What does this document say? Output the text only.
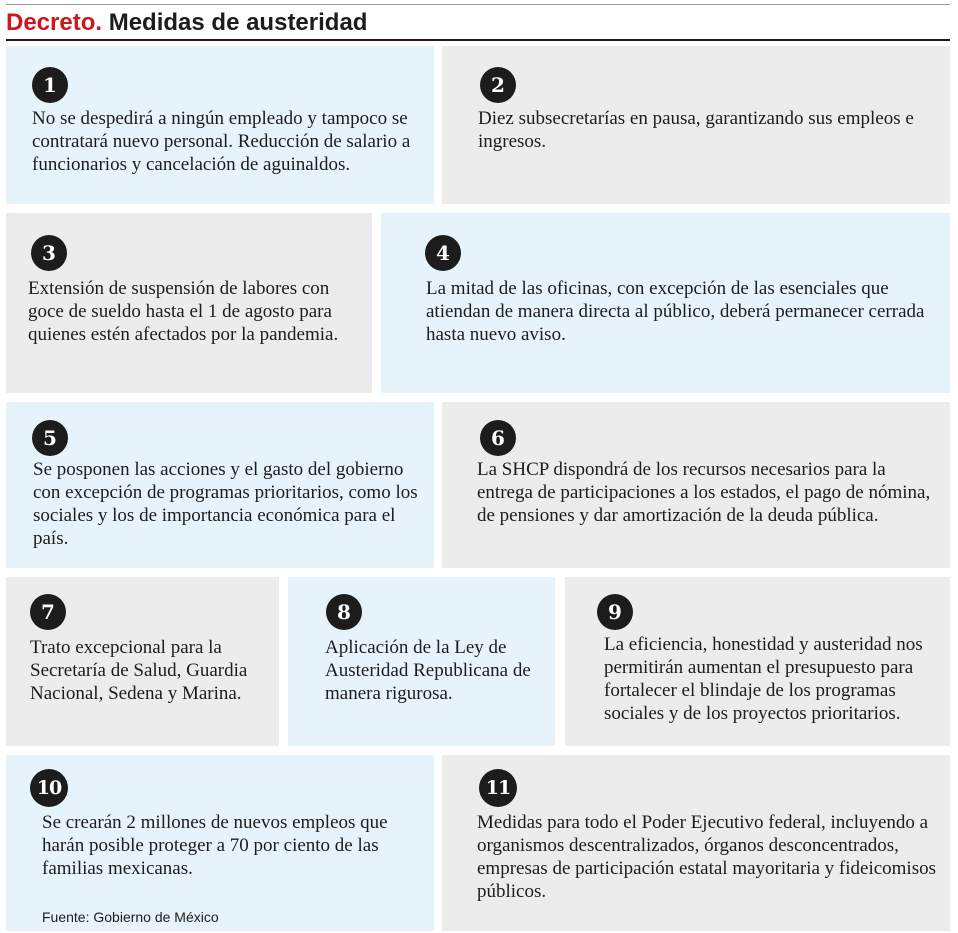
Decreto. Medidas de austeridad
1

No se despedirá a ningún empleado y tampoco se contratará nuevo personal. Reducción de salario a funcionarios y cancelación de aguinaldos.

2

Diez subsecretarías en pausa, garantizando sus empleos e ingresos.

3

Extensión de suspensión de labores con goce de sueldo hasta el 1 de agosto para quienes estén afectados por la pandemia.

4

La mitad de las oficinas, con excepción de las esenciales que atiendan de manera directa al público, deberá permanecer cerrada hasta nuevo aviso.

5

Se posponen las acciones y el gasto del gobierno con excepción de programas prioritarios, como los sociales y los de importancia económica para el país.

6

La SHCP dispondrá de los recursos necesarios para la entrega de participaciones a los estados, el pago de nómina, de pensiones y dar amortización de la deuda pública.

7

Trato excepcional para la Secretaría de Salud, Guardia Nacional, Sedena y Marina.

8

Aplicación de la Ley de Austeridad Republicana de manera rigurosa.

9

La eficiencia, honestidad y austeridad nos permitirán aumentan el presupuesto para fortalecer el blindaje de los programas sociales y de los proyectos prioritarios.

10

Se crearán 2 millones de nuevos empleos que harán posible proteger a 70 por ciento de las familias mexicanas.

11

Medidas para todo el Poder Ejecutivo federal, incluyendo a organismos descentralizados, órganos desconcentrados, empresas de participación estatal mayoritaria y fideicomisos públicos.

Fuente: Gobierno de México
